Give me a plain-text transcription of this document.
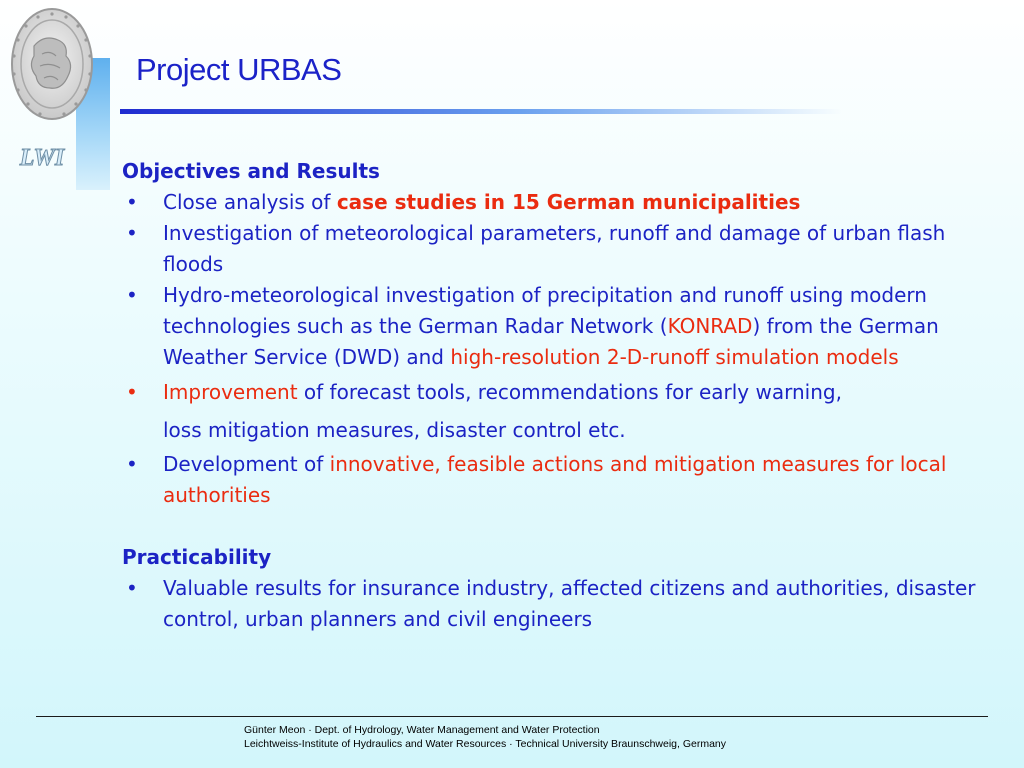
LWI
Project URBAS
Objectives and Results
• Close analysis of case studies in 15 German municipalities
• Investigation of meteorological parameters, runoff and damage of urban flash floods
• Hydro-meteorological investigation of precipitation and runoff using modern technologies such as the German Radar Network (KONRAD) from the German Weather Service (DWD) and high-resolution 2-D-runoff simulation models
• Improvement of forecast tools, recommendations for early warning,
loss mitigation measures, disaster control etc.
• Development of innovative, feasible actions and mitigation measures for local authorities
Practicability
• Valuable results for insurance industry, affected citizens and authorities, disaster control, urban planners and civil engineers
Günter Meon · Dept. of Hydrology, Water Management and Water Protection
Leichtweiss-Institute of Hydraulics and Water Resources · Technical University Braunschweig, Germany
